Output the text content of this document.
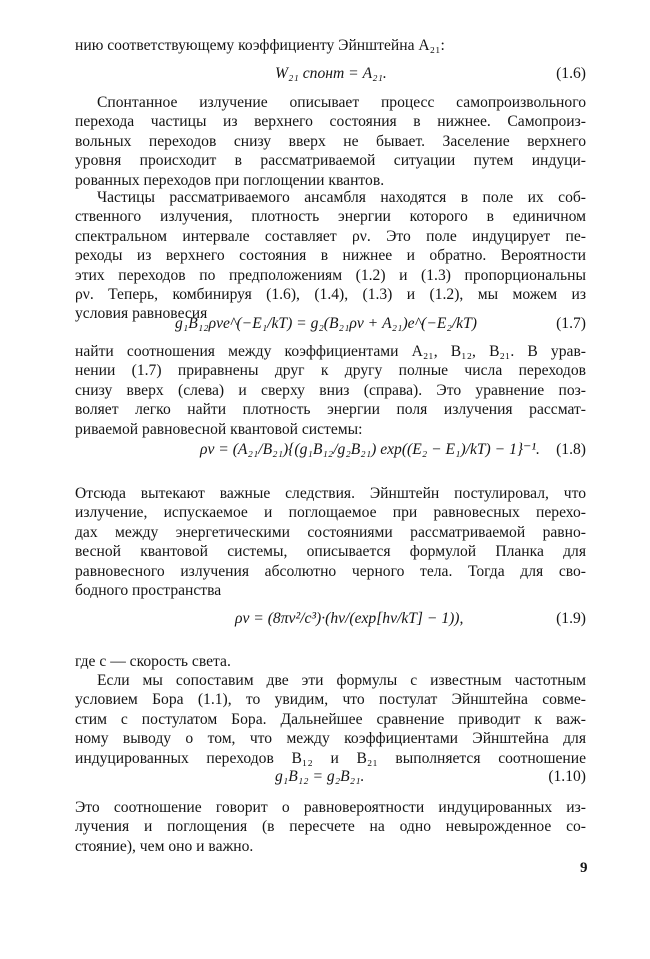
нию соответствующему коэффициенту Эйнштейна A₂₁:
W₂₁ спонт = A₂₁.	(1.6)
Спонтанное излучение описывает процесс самопроизвольного
перехода частицы из верхнего состояния в нижнее. Самопроиз-
вольных переходов снизу вверх не бывает. Заселение верхнего
уровня происходит в рассматриваемой ситуации путем индуци-
рованных переходов при поглощении квантов.
Частицы рассматриваемого ансамбля находятся в поле их соб-
ственного излучения, плотность энергии которого в единичном
спектральном интервале составляет ρν. Это поле индуцирует пе-
реходы из верхнего состояния в нижнее и обратно. Вероятности
этих переходов по предположениям (1.2) и (1.3) пропорциональны
ρν. Теперь, комбинируя (1.6), (1.4), (1.3) и (1.2), мы можем из
условия равновесия
g₁B₁₂ρνe^(−E₁/kT) = g₂(B₂₁ρν + A₂₁)e^(−E₂/kT)	(1.7)
найти соотношения между коэффициентами A₂₁, B₁₂, B₂₁. В урав-
нении (1.7) приравнены друг к другу полные числа переходов
снизу вверх (слева) и сверху вниз (справа). Это уравнение поз-
воляет легко найти плотность энергии поля излучения рассмат-
риваемой равновесной квантовой системы:
ρν = (A₂₁/B₂₁){(g₁B₁₂/g₂B₂₁) exp((E₂ − E₁)/kT) − 1}⁻¹. (1.8)
Отсюда вытекают важные следствия. Эйнштейн постулировал, что
излучение, испускаемое и поглощаемое при равновесных перехо-
дах между энергетическими состояниями рассматриваемой равно-
весной квантовой системы, описывается формулой Планка для
равновесного излучения абсолютно черного тела. Тогда для сво-
бодного пространства
ρν = (8πν²/c³)·(hν/(exp[hν/kT] − 1)),	(1.9)
где c — скорость света.
Если мы сопоставим две эти формулы с известным частотным
условием Бора (1.1), то увидим, что постулат Эйнштейна совме-
стим с постулатом Бора. Дальнейшее сравнение приводит к важ-
ному выводу о том, что между коэффициентами Эйнштейна для
индуцированных переходов B₁₂ и B₂₁ выполняется соотношение
g₁B₁₂ = g₂B₂₁.	(1.10)
Это соотношение говорит о равновероятности индуцированных из-
лучения и поглощения (в пересчете на одно невырожденное со-
стояние), чем оно и важно.
9
